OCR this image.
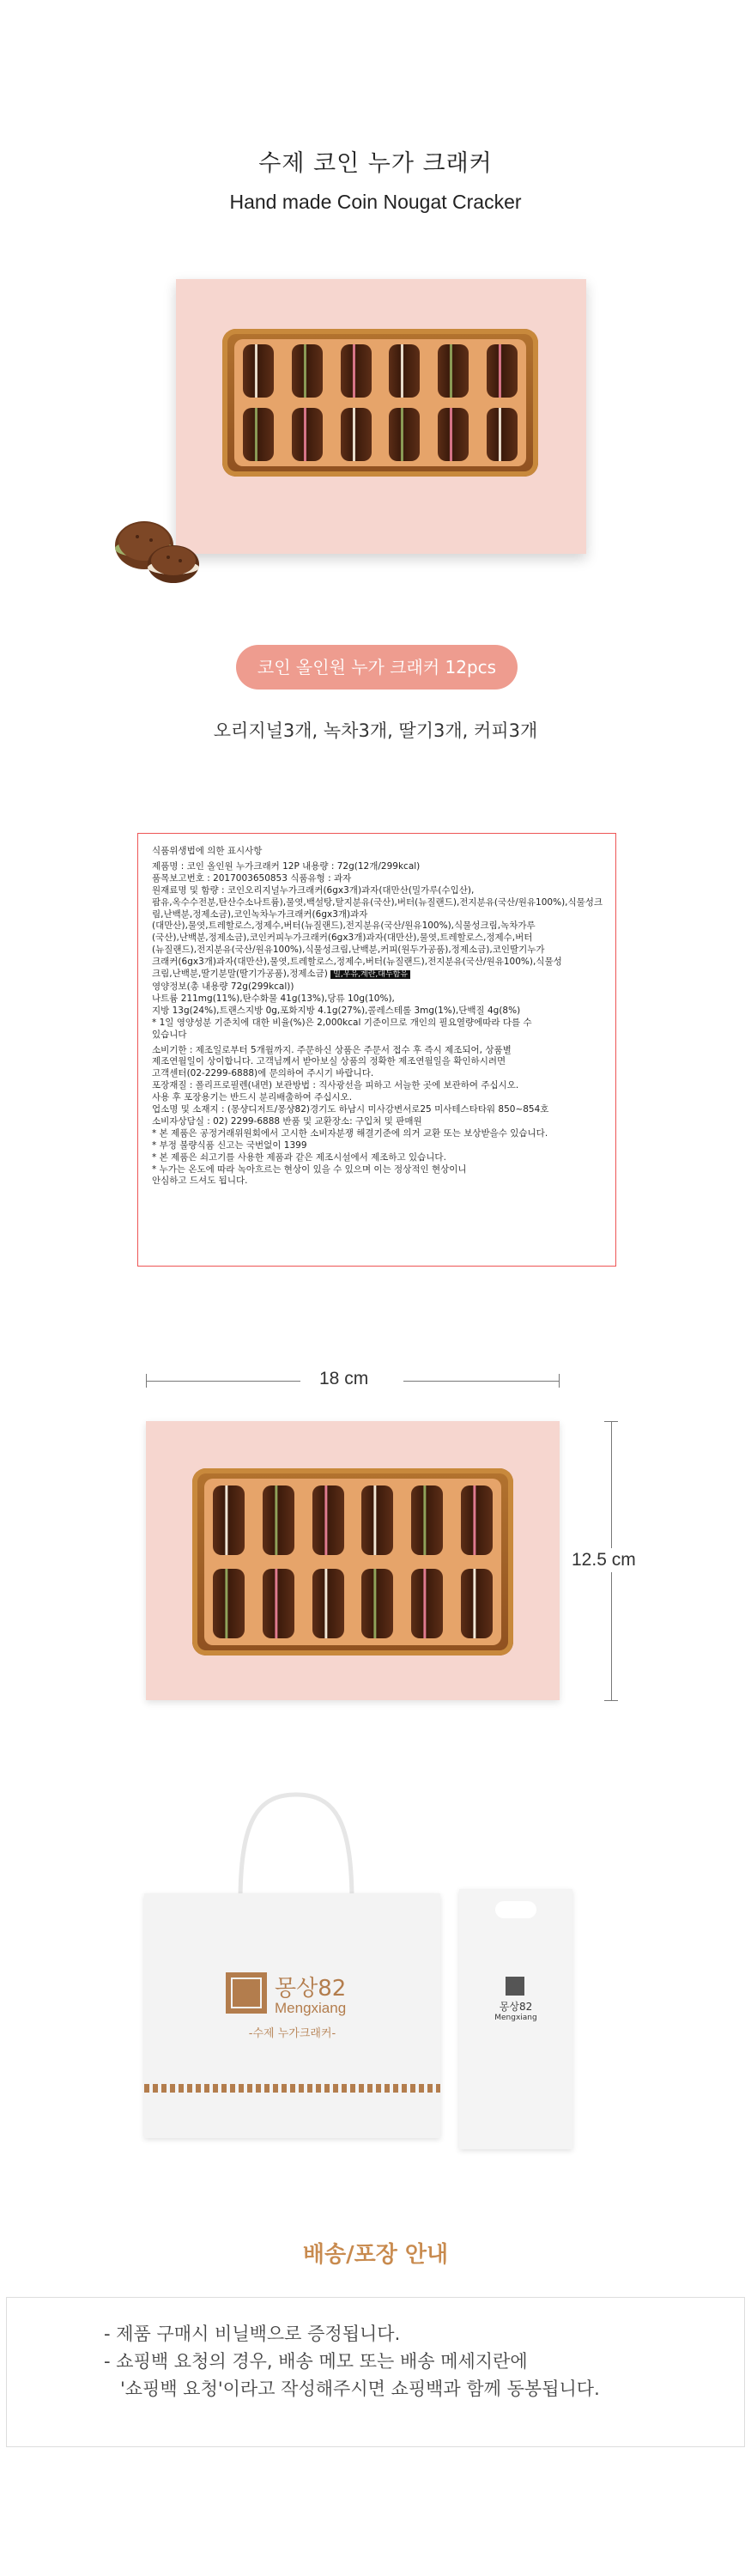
수제 코인 누가 크래커
Hand made Coin Nougat Cracker
코인 올인원 누가 크래커 12pcs
오리지널3개, 녹차3개, 딸기3개, 커피3개

식품위생법에 의한 표시사항

제품명 : 코인 올인원 누가크래커 12P 내용량 : 72g(12개/299kcal)

품목보고번호 : 2017003650853 식품유형 : 과자

원재료명 및 함량 : 코인오리지널누가크래커(6gx3개)과자(대만산(밀가루(수입산),

팜유,옥수수전분,탄산수소나트륨),물엿,백설탕,탈지분유(국산),버터(뉴질랜드),전지분유(국산/원유100%),식물성크림,난백분,정제소금),코인녹차누가크래커(6gx3개)과자

(대만산),물엿,트레할로스,정제수,버터(뉴질랜드),전지분유(국산/원유100%),식물성크림,녹차가루

(국산),난백분,정제소금),코인커피누가크래커(6gx3개)과자(대만산),물엿,트레할로스,정제수,버터

(뉴질랜드),전지분유(국산/원유100%),식물성크림,난백분,커피(원두가공품),정제소금),코인딸기누가

크래커(6gx3개)과자(대만산),물엿,트레할로스,정제수,버터(뉴질랜드),전지분유(국산/원유100%),식물성

크림,난백분,딸기분말(딸기가공품),정제소금) 밀,우유,계란,대두함유

영양정보(총 내용량 72g(299kcal))

나트륨 211mg(11%),탄수화물 41g(13%),당류 10g(10%),

지방 13g(24%),트랜스지방 0g,포화지방 4.1g(27%),콜레스테롤 3mg(1%),단백질 4g(8%)

* 1일 영양성분 기준치에 대한 비율(%)은 2,000kcal 기준이므로 개인의 필요열량에따라 다를 수

있습니다

소비기한 : 제조일로부터 5개월까지. 주문하신 상품은 주문서 접수 후 즉시 제조되어, 상품별

제조연월일이 상이합니다. 고객님께서 받아보실 상품의 정확한 제조연월일을 확인하시려면

고객센터(02-2299-6888)에 문의하여 주시기 바랍니다.

포장재질 : 폴리프로필렌(내면) 보관방법 : 직사광선을 피하고 서늘한 곳에 보관하여 주십시오.

사용 후 포장용기는 반드시 분리배출하여 주십시오.

업소명 및 소재지 : (몽샹디저트/몽샹82)경기도 하남시 미사강변서로25 미사테스타타워 850~854호

소비자상담실 : 02) 2299-6888 반품 및 교환장소: 구입처 및 판매원

* 본 제품은 공정거래위원회에서 고시한 소비자분쟁 해결기준에 의거 교환 또는 보상받을수 있습니다.

* 부정 불량식품 신고는 국번없이 1399

* 본 제품은 쇠고기를 사용한 제품과 같은 제조시설에서 제조하고 있습니다.

* 누가는 온도에 따라 녹아흐르는 현상이 있을 수 있으며 이는 정상적인 현상이니

안심하고 드셔도 됩니다.

18 cm
12.5 cm
몽상82
Mengxiang
-수제 누가크래커-
몽상82
Mengxiang
배송/포장 안내
- 제품 구매시 비닐백으로 증정됩니다.
- 쇼핑백 요청의 경우, 배송 메모 또는 배송 메세지란에
'쇼핑백 요청'이라고 작성해주시면 쇼핑백과 함께 동봉됩니다.
